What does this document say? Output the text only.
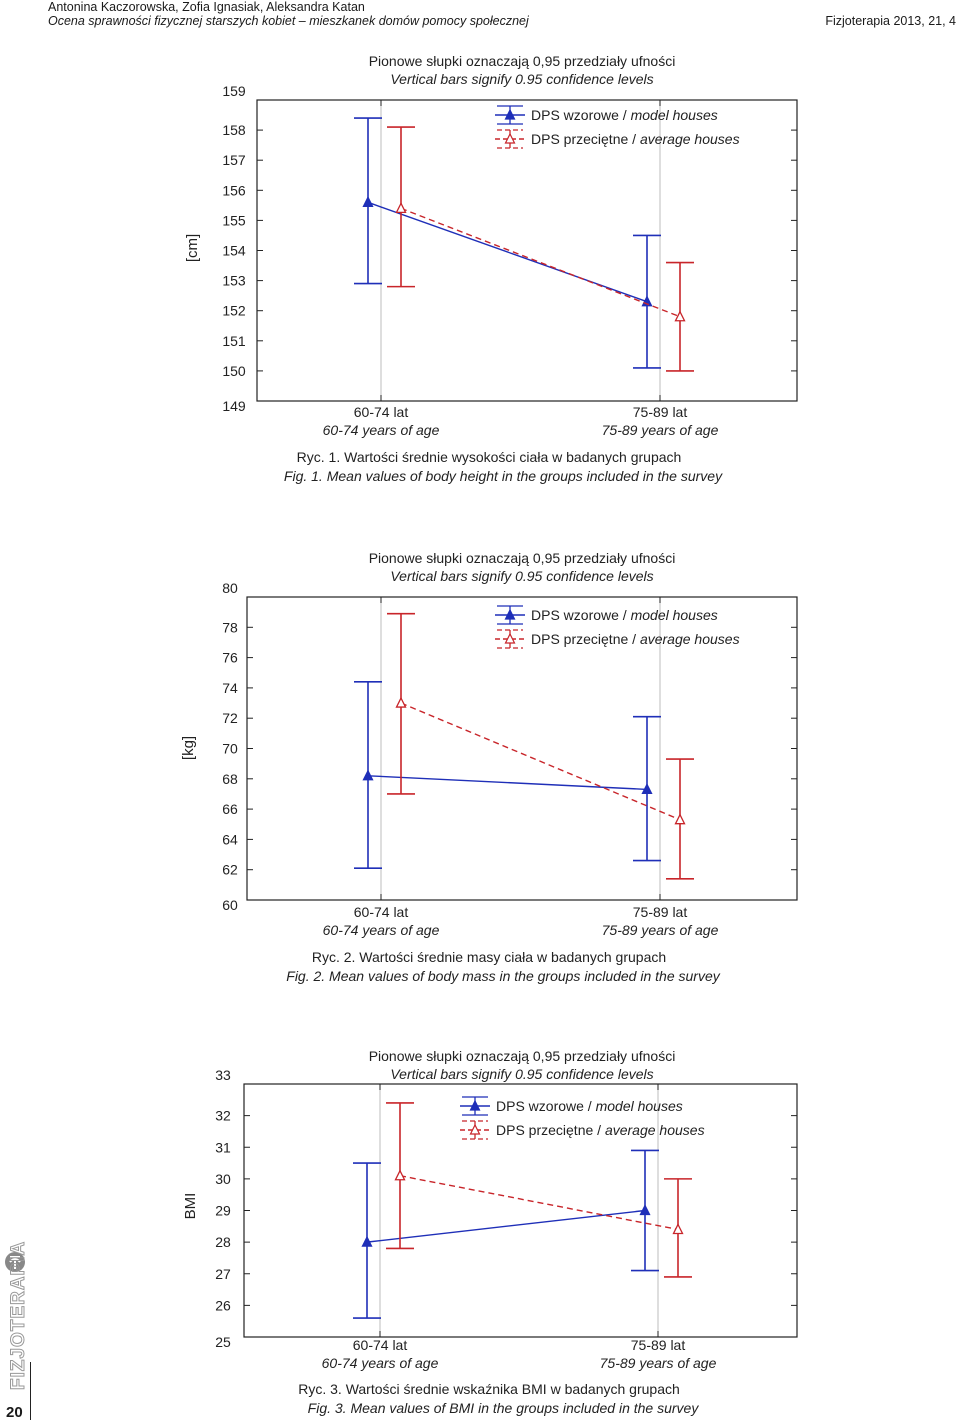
Antonina Kaczorowska, Zofia Ignasiak, Aleksandra Katan
Ocena sprawności fizycznej starszych kobiet – mieszkanek domów pomocy społecznej	Fizjoterapia 2013, 21, 4
Pionowe słupki oznaczają 0,95 przedziały ufności
Vertical bars signify 0.95 confidence levels
149
150
151
152
153
154
155
156
157
158
159
[cm]
60-74 lat
60-74 years of age
75-89 lat
75-89 years of age
DPS wzorowe / model houses
DPS przeciętne / average houses
Ryc. 1. Wartości średnie wysokości ciała w badanych grupach
Fig. 1. Mean values of body height in the groups included in the survey
Pionowe słupki oznaczają 0,95 przedziały ufności
Vertical bars signify 0.95 confidence levels
60
62
64
66
68
70
72
74
76
78
80
[kg]
60-74 lat
60-74 years of age
75-89 lat
75-89 years of age
DPS wzorowe / model houses
DPS przeciętne / average houses
Ryc. 2. Wartości średnie masy ciała w badanych grupach
Fig. 2. Mean values of body mass in the groups included in the survey
Pionowe słupki oznaczają 0,95 przedziały ufności
Vertical bars signify 0.95 confidence levels
25
26
27
28
29
30
31
32
33
BMI
60-74 lat
60-74 years of age
75-89 lat
75-89 years of age
DPS wzorowe / model houses
DPS przeciętne / average houses
Ryc. 3. Wartości średnie wskaźnika BMI w badanych grupach
Fig. 3. Mean values of BMI in the groups included in the survey
20
FIZJOTERAPIA
